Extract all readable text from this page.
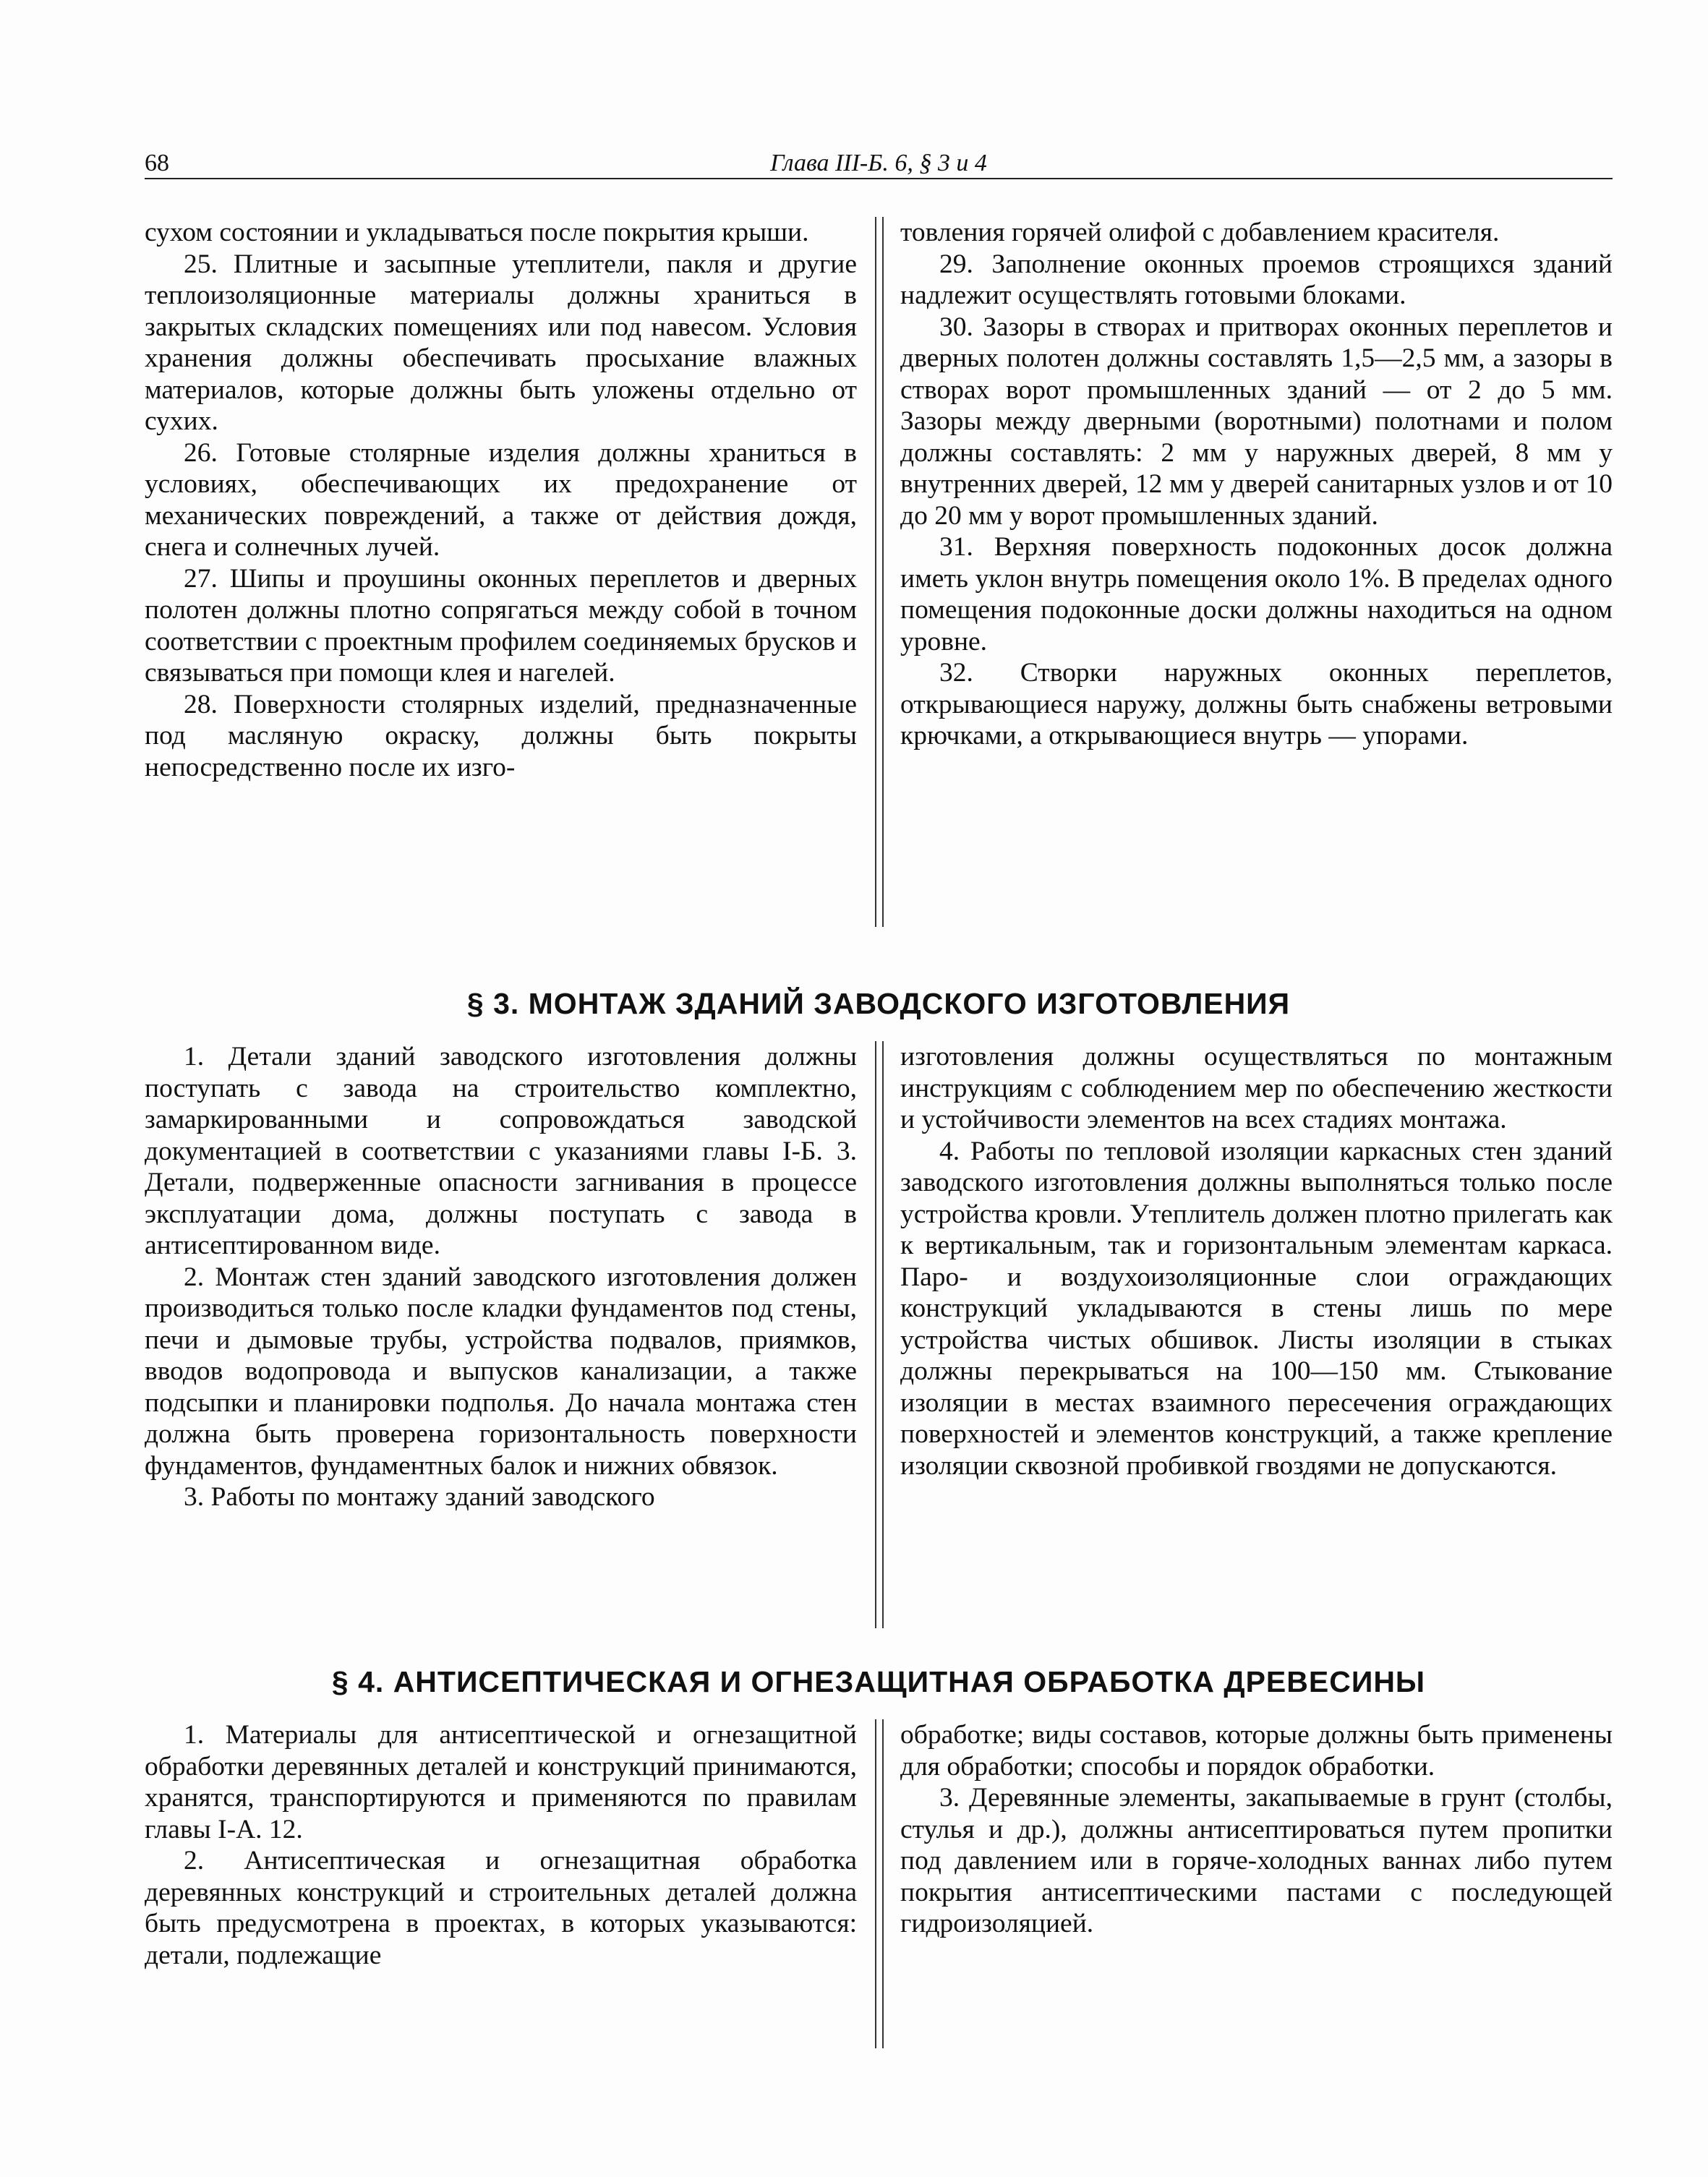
68	Глава III-Б. 6, § 3 и 4

сухом состоянии и укладываться после покрытия крыши.

25. Плитные и засыпные утеплители, пакля и другие теплоизоляционные материалы должны храниться в закрытых складских помещениях или под навесом. Условия хранения должны обеспечивать просыхание влажных материалов, которые должны быть уложены отдельно от сухих.

26. Готовые столярные изделия должны храниться в условиях, обеспечивающих их предохранение от механических повреждений, а также от действия дождя, снега и солнечных лучей.

27. Шипы и проушины оконных переплетов и дверных полотен должны плотно сопрягаться между собой в точном соответствии с проектным профилем соединяемых брусков и связываться при помощи клея и нагелей.

28. Поверхности столярных изделий, предназначенные под масляную окраску, должны быть покрыты непосредственно после их изго-

товления горячей олифой с добавлением красителя.

29. Заполнение оконных проемов строящихся зданий надлежит осуществлять готовыми блоками.

30. Зазоры в створах и притворах оконных переплетов и дверных полотен должны составлять 1,5—2,5 мм, а зазоры в створах ворот промышленных зданий — от 2 до 5 мм. Зазоры между дверными (воротными) полотнами и полом должны составлять: 2 мм у наружных дверей, 8 мм у внутренних дверей, 12 мм у дверей санитарных узлов и от 10 до 20 мм у ворот промышленных зданий.

31. Верхняя поверхность подоконных досок должна иметь уклон внутрь помещения около 1%. В пределах одного помещения подоконные доски должны находиться на одном уровне.

32. Створки наружных оконных переплетов, открывающиеся наружу, должны быть снабжены ветровыми крючками, а открывающиеся внутрь — упорами.

§ 3. МОНТАЖ ЗДАНИЙ ЗАВОДСКОГО ИЗГОТОВЛЕНИЯ

1. Детали зданий заводского изготовления должны поступать с завода на строительство комплектно, замаркированными и сопровождаться заводской документацией в соответствии с указаниями главы I-Б. 3. Детали, подверженные опасности загнивания в процессе эксплуатации дома, должны поступать с завода в антисептированном виде.

2. Монтаж стен зданий заводского изготовления должен производиться только после кладки фундаментов под стены, печи и дымовые трубы, устройства подвалов, приямков, вводов водопровода и выпусков канализации, а также подсыпки и планировки подполья. До начала монтажа стен должна быть проверена горизонтальность поверхности фундаментов, фундаментных балок и нижних обвязок.

3. Работы по монтажу зданий заводского

изготовления должны осуществляться по монтажным инструкциям с соблюдением мер по обеспечению жесткости и устойчивости элементов на всех стадиях монтажа.

4. Работы по тепловой изоляции каркасных стен зданий заводского изготовления должны выполняться только после устройства кровли. Утеплитель должен плотно прилегать как к вертикальным, так и горизонтальным элементам каркаса. Паро- и воздухоизоляционные слои ограждающих конструкций укладываются в стены лишь по мере устройства чистых обшивок. Листы изоляции в стыках должны перекрываться на 100—150 мм. Стыкование изоляции в местах взаимного пересечения ограждающих поверхностей и элементов конструкций, а также крепление изоляции сквозной пробивкой гвоздями не допускаются.

§ 4. АНТИСЕПТИЧЕСКАЯ И ОГНЕЗАЩИТНАЯ ОБРАБОТКА ДРЕВЕСИНЫ

1. Материалы для антисептической и огнезащитной обработки деревянных деталей и конструкций принимаются, хранятся, транспортируются и применяются по правилам главы I-А. 12.

2. Антисептическая и огнезащитная обработка деревянных конструкций и строительных деталей должна быть предусмотрена в проектах, в которых указываются: детали, подлежащие

обработке; виды составов, которые должны быть применены для обработки; способы и порядок обработки.

3. Деревянные элементы, закапываемые в грунт (столбы, стулья и др.), должны антисептироваться путем пропитки под давлением или в горяче-холодных ваннах либо путем покрытия антисептическими пастами с последующей гидроизоляцией.
